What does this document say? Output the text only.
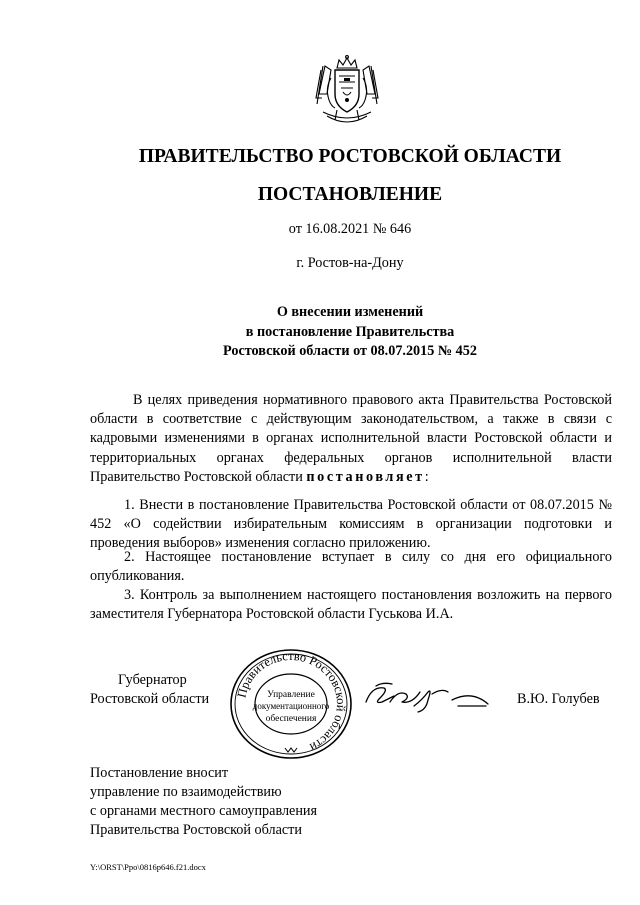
ПРАВИТЕЛЬСТВО РОСТОВСКОЙ ОБЛАСТИ
ПОСТАНОВЛЕНИЕ
от 16.08.2021 № 646
г. Ростов-на-Дону
О внесении изменений
в постановление Правительства
Ростовской области от 08.07.2015 № 452
В целях приведения нормативного правового акта Правительства Ростовской области в соответствие с действующим законодательством, а также в связи с кадровыми изменениями в органах исполнительной власти Ростовской области и территориальных органах федеральных органов исполнительной власти Правительство Ростовской области постановляет:
1. Внести в постановление Правительства Ростовской области от 08.07.2015 № 452 «О содействии избирательным комиссиям в организации подготовки и проведения выборов» изменения согласно приложению.
2. Настоящее постановление вступает в силу со дня его официального опубликования.
3. Контроль за выполнением настоящего постановления возложить на первого заместителя Губернатора Ростовской области Гуськова И.А.
Губернатор
Ростовской области Правительство Ростовской области
Управление
документационного
обеспечения
В.Ю. Голубев
Постановление вносит
управление по взаимодействию
с органами местного самоуправления
Правительства Ростовской области
Y:\ORST\Ppo\0816p646.f21.docx
